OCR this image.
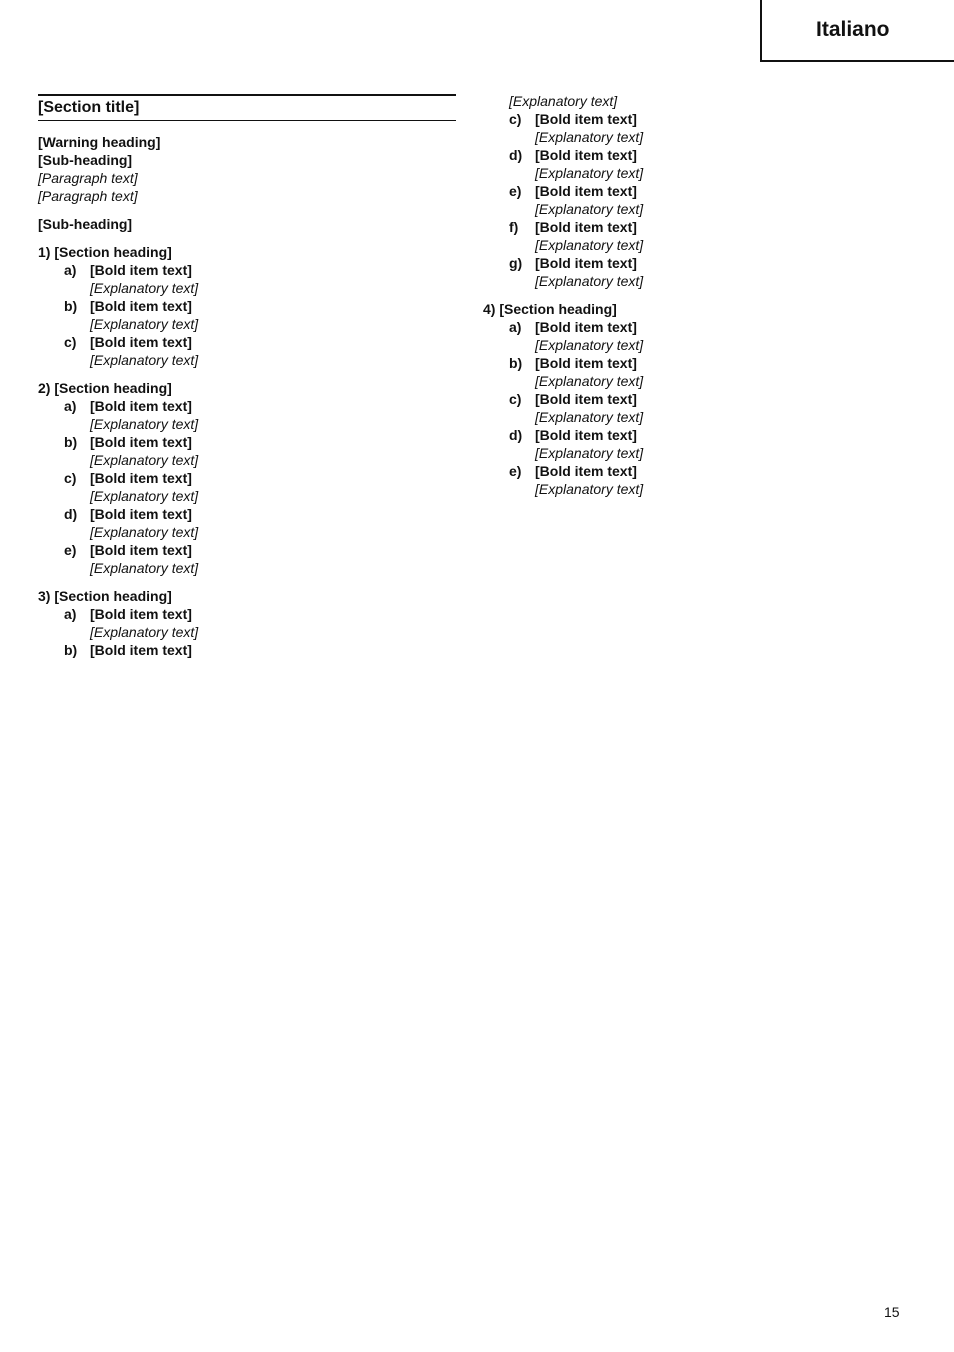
Italiano
[Section title]
[Warning heading]
[Sub-heading]
[Paragraph text]
[Paragraph text]
[Sub-heading]
1) [Section heading]
a) [Bold item text]
[Explanatory text]
b) [Bold item text]
[Explanatory text]
c) [Bold item text]
[Explanatory text]
2) [Section heading]
a) [Bold item text]
[Explanatory text]
b) [Bold item text]
[Explanatory text]
c) [Bold item text]
[Explanatory text]
d) [Bold item text]
[Explanatory text]
e) [Bold item text]
[Explanatory text]
3) [Section heading]
a) [Bold item text]
[Explanatory text]
b) [Bold item text]
[Explanatory text]
c) [Bold item text]
[Explanatory text]
d) [Bold item text]
[Explanatory text]
e) [Bold item text]
[Explanatory text]
f)	[Bold item text]
[Explanatory text]
g) [Bold item text]
[Explanatory text]
4) [Section heading]
a) [Bold item text]
[Explanatory text]
b) [Bold item text]
[Explanatory text]
c) [Bold item text]
[Explanatory text]
d) [Bold item text]
[Explanatory text]
e) [Bold item text]
[Explanatory text]
15
